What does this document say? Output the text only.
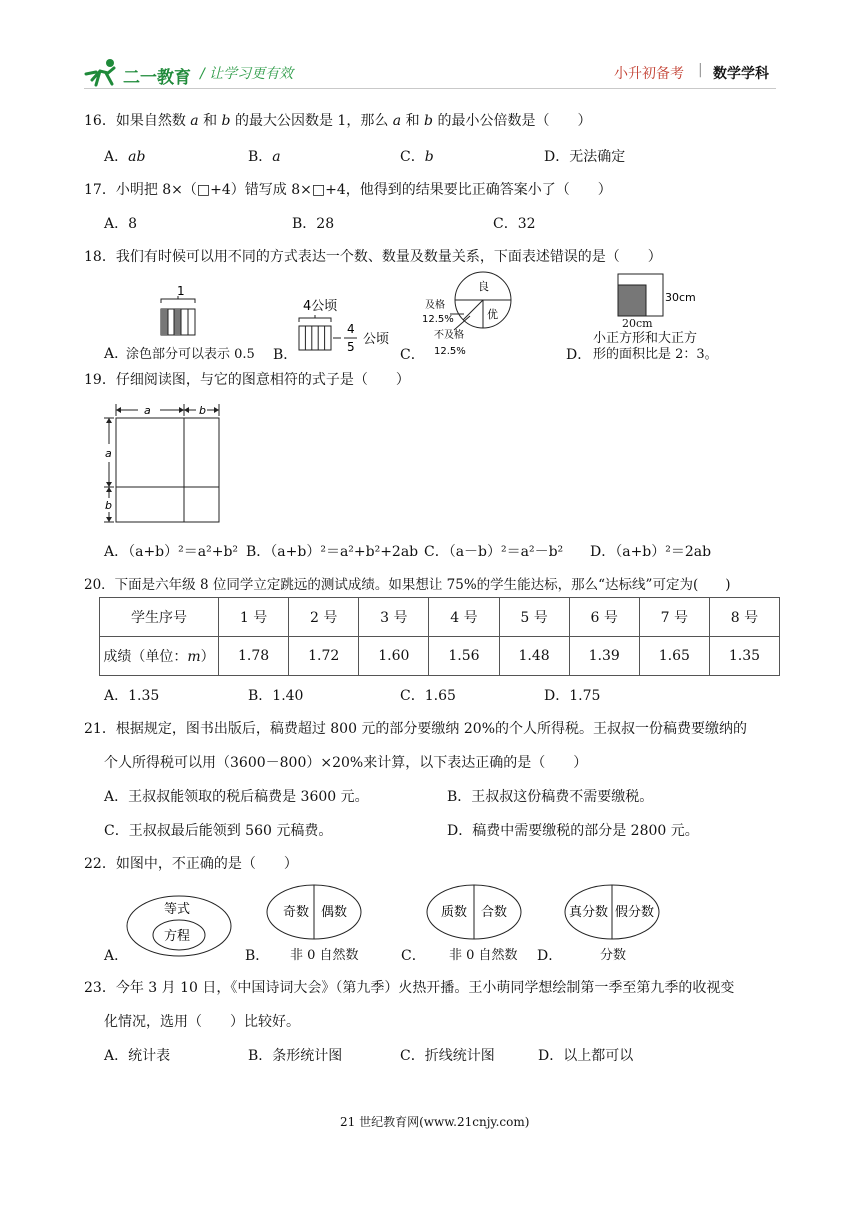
二一教育 / 让学习更有效	小升初备考 | 数学学科
16．如果自然数 a 和 b 的最大公因数是 1，那么 a 和 b 的最小公倍数是（　　）
A．ab	B．a	C．b	D．无法确定
17．小明把 8×（□+4）错写成 8×□+4，他得到的结果要比正确答案小了（　　）
A．8	B．28	C．32
18．我们有时候可以用不同的方式表达一个数、数量及数量关系，下面表述错误的是（　　）
A．
1
涂色部分可以表示 0.5 B．
4公顷
4
5 公顷
C．
良
优
及格
12.5%
不及格
12.5%	D．
30cm
20cm
小正方形和大正方
形的面积比是 2：3。
19．仔细阅读图，与它的图意相符的式子是（　　）
a	b
a
b
A．（a+b）²＝a²+b² B．（a+b）²＝a²+b²+2ab C．（a－b）²＝a²－b² D．（a+b）²＝2ab
20．下面是六年级 8 位同学立定跳远的测试成绩。如果想让 75%的学生能达标，那么“达标线”可定为(　　)
学生序号	1 号	2 号	3 号	4 号	5 号	6 号	7 号	8 号
成绩（单位：m）	1.78	1.72	1.60	1.56	1.48	1.39	1.65	1.35
A．1.35	B．1.40	C．1.65	D．1.75
21．根据规定，图书出版后，稿费超过 800 元的部分要缴纳 20%的个人所得税。王叔叔一份稿费要缴纳的
个人所得税可以用（3600－800）×20%来计算，以下表达正确的是（　　）
A．王叔叔能领取的税后稿费是 3600 元。	B．王叔叔这份稿费不需要缴税。
C．王叔叔最后能领到 560 元稿费。	D．稿费中需要缴税的部分是 2800 元。
22．如图中，不正确的是（　　）
A．
等式
方程
B．
奇数 偶数
非 0 自然数	C．
质数 合数
非 0 自然数 D．
真分数 假分数
分数
23．今年 3 月 10 日，《中国诗词大会》（第九季）火热开播。王小萌同学想绘制第一季至第九季的收视变
化情况，选用（　　）比较好。
A．统计表	B．条形统计图	C．折线统计图	D．以上都可以
21 世纪教育网(www.21cnjy.com)
